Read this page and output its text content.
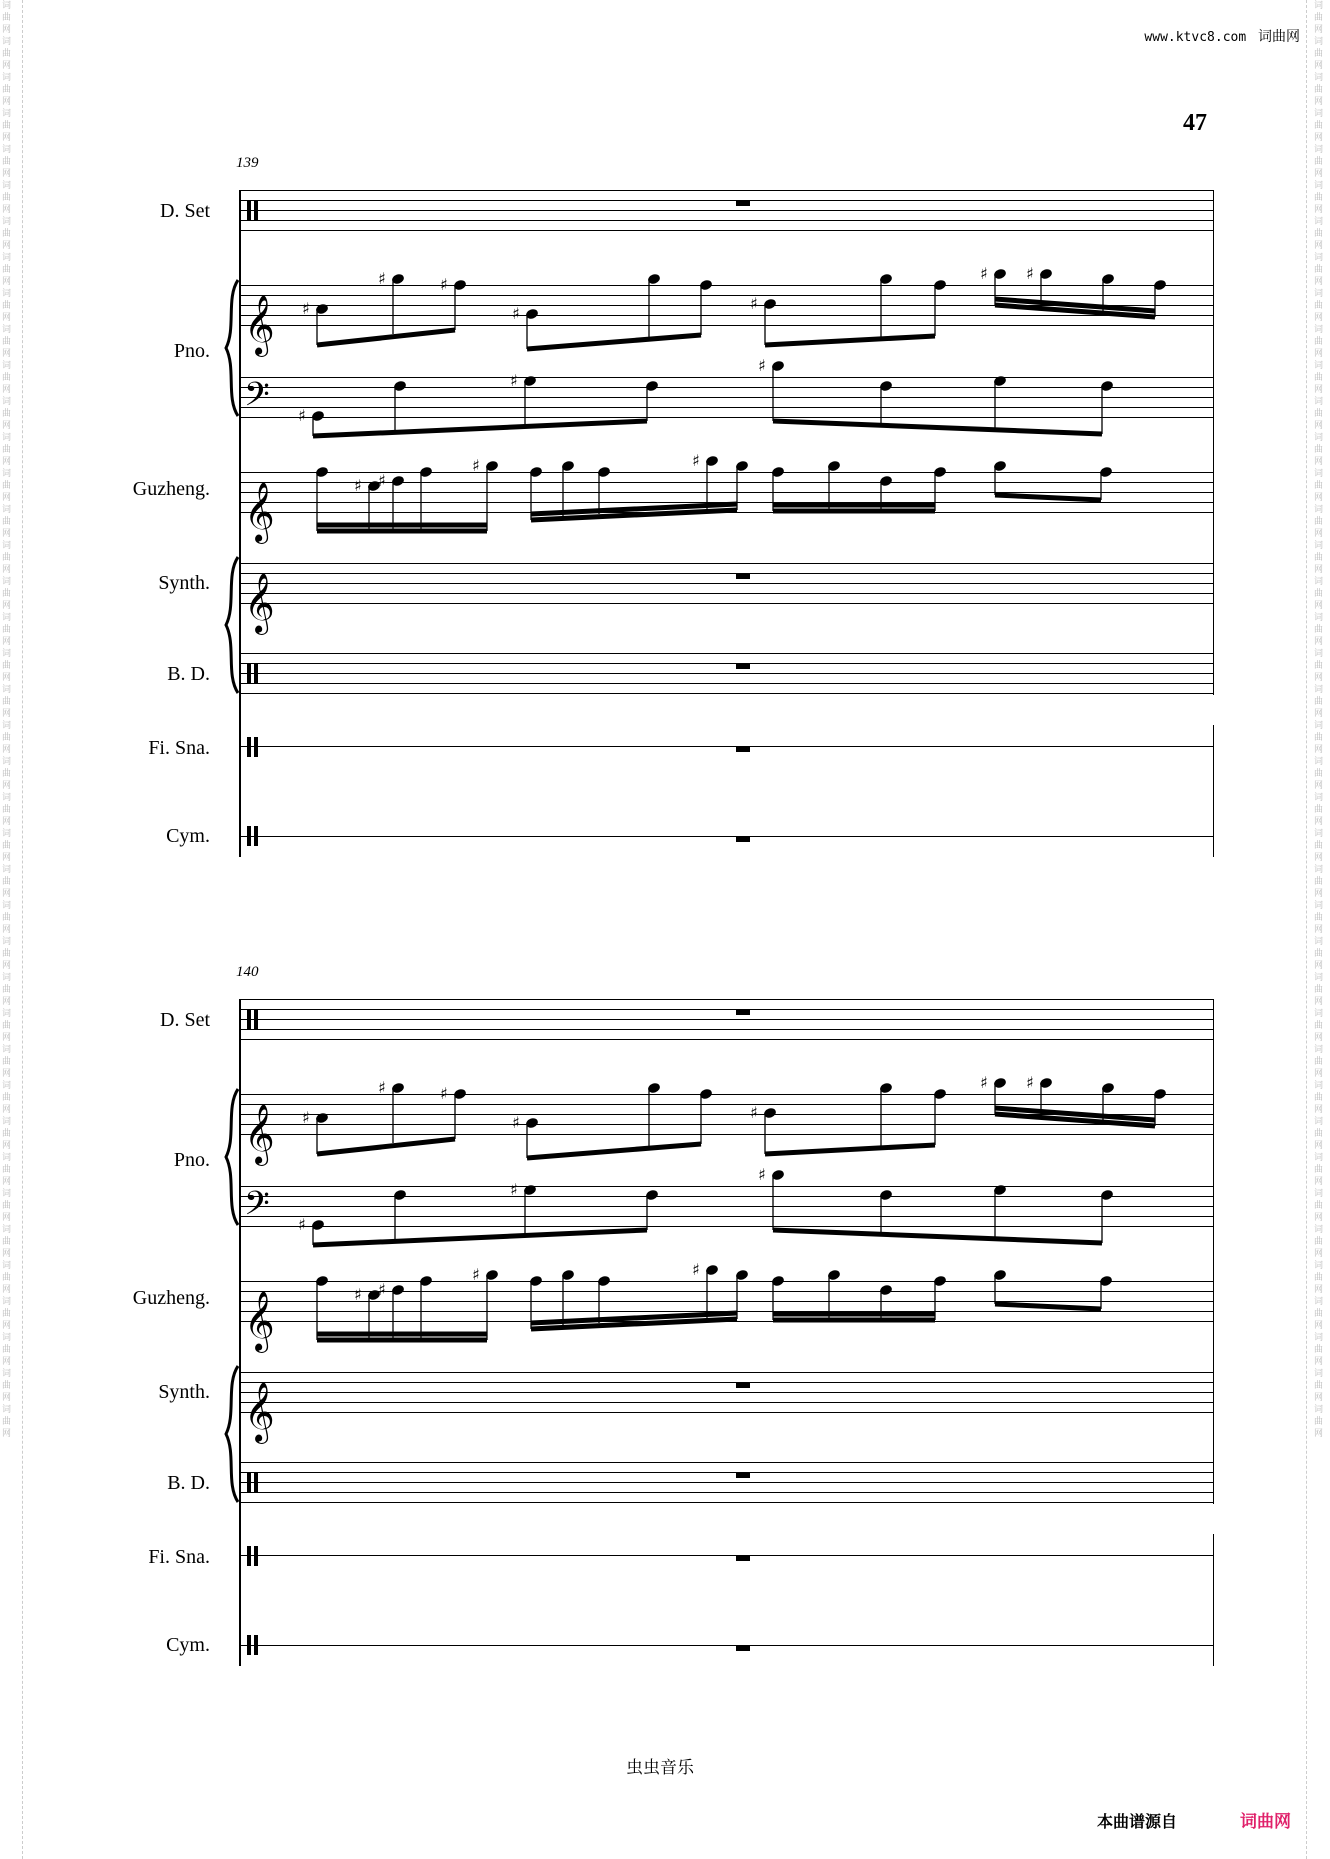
词曲网词曲网词曲网词曲网词曲网词曲网词曲网词曲网词曲网词曲网词曲网词曲网词曲网词曲网词曲网词曲网词曲网词曲网词曲网词曲网词曲网词曲网词曲网词曲网词曲网词曲网词曲网词曲网词曲网词曲网词曲网词曲网词曲网词曲网词曲网词曲网词曲网词曲网词曲网词曲网
词曲网词曲网词曲网词曲网词曲网词曲网词曲网词曲网词曲网词曲网词曲网词曲网词曲网词曲网词曲网词曲网词曲网词曲网词曲网词曲网词曲网词曲网词曲网词曲网词曲网词曲网词曲网词曲网词曲网词曲网词曲网词曲网词曲网词曲网词曲网词曲网词曲网词曲网词曲网词曲网
www.ktvc8.com 词曲网
47
139
D. Set
Pno.
Guzheng.
Synth.
B. D.
Fi. Sna.
Cym.
140
D. Set
Pno.
Guzheng.
Synth.
B. D.
Fi. Sna.
Cym.
𝄞
𝄢
𝄞
𝄞
𝄞
𝄢
𝄞
𝄞
♯
♯	♯
♯
♯
♯ ♯
♯
♯
♯
♯ ♯
♯	♯
♯
♯	♯
♯
♯
♯ ♯
♯
♯
♯
♯ ♯
♯	♯
虫虫音乐
本曲谱源自	词曲网
